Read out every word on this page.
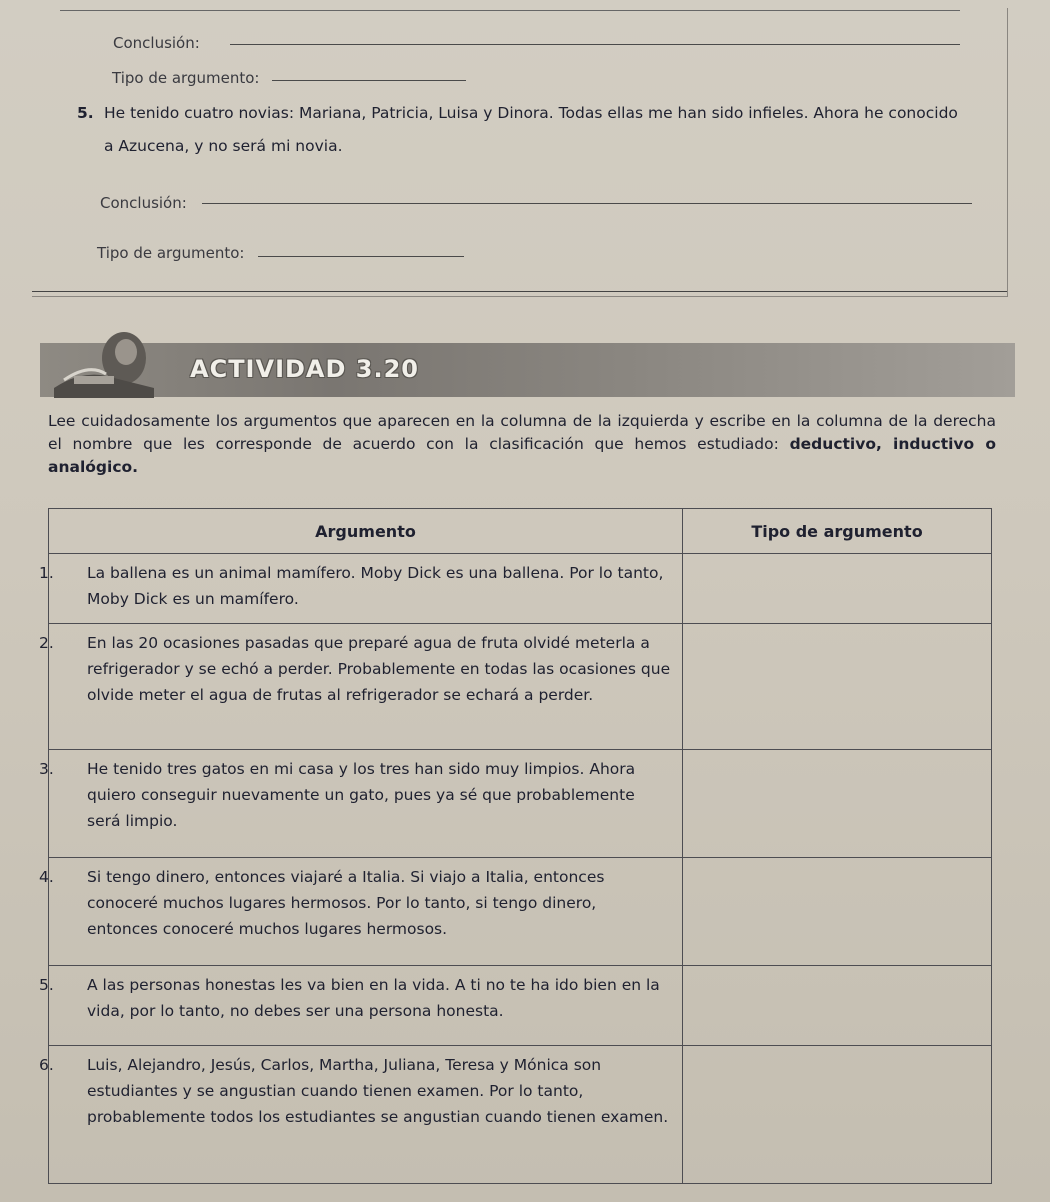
Conclusión:
Tipo de argumento:
5. He tenido cuatro novias: Mariana, Patricia, Luisa y Dinora. Todas ellas me han sido infieles. Ahora he conocido
a Azucena, y no será mi novia.
Conclusión:
Tipo de argumento:
ACTIVIDAD 3.20
Lee cuidadosamente los argumentos que aparecen en la columna de la izquierda y escribe en la columna de la derecha el nombre que les corresponde de acuerdo con la clasificación que hemos estudiado: deductivo, inductivo o analógico.
Argumento	Tipo de argumento

1. La ballena es un animal mamífero. Moby Dick es una ballena. Por lo tanto, Moby Dick es un mamífero.	

2. En las 20 ocasiones pasadas que preparé agua de fruta olvidé meterla a refrigerador y se echó a perder. Probablemente en todas las ocasiones que olvide meter el agua de frutas al refrigerador se echará a perder.	

3. He tenido tres gatos en mi casa y los tres han sido muy limpios. Ahora quiero conseguir nuevamente un gato, pues ya sé que probablemente será limpio.	

4. Si tengo dinero, entonces viajaré a Italia. Si viajo a Italia, entonces conoceré muchos lugares hermosos. Por lo tanto, si tengo dinero, entonces conoceré muchos lugares hermosos.	

5. A las personas honestas les va bien en la vida. A ti no te ha ido bien en la vida, por lo tanto, no debes ser una persona honesta.	

6. Luis, Alejandro, Jesús, Carlos, Martha, Juliana, Teresa y Mónica son estudiantes y se angustian cuando tienen examen. Por lo tanto, probablemente todos los estudiantes se angustian cuando tienen examen.	
